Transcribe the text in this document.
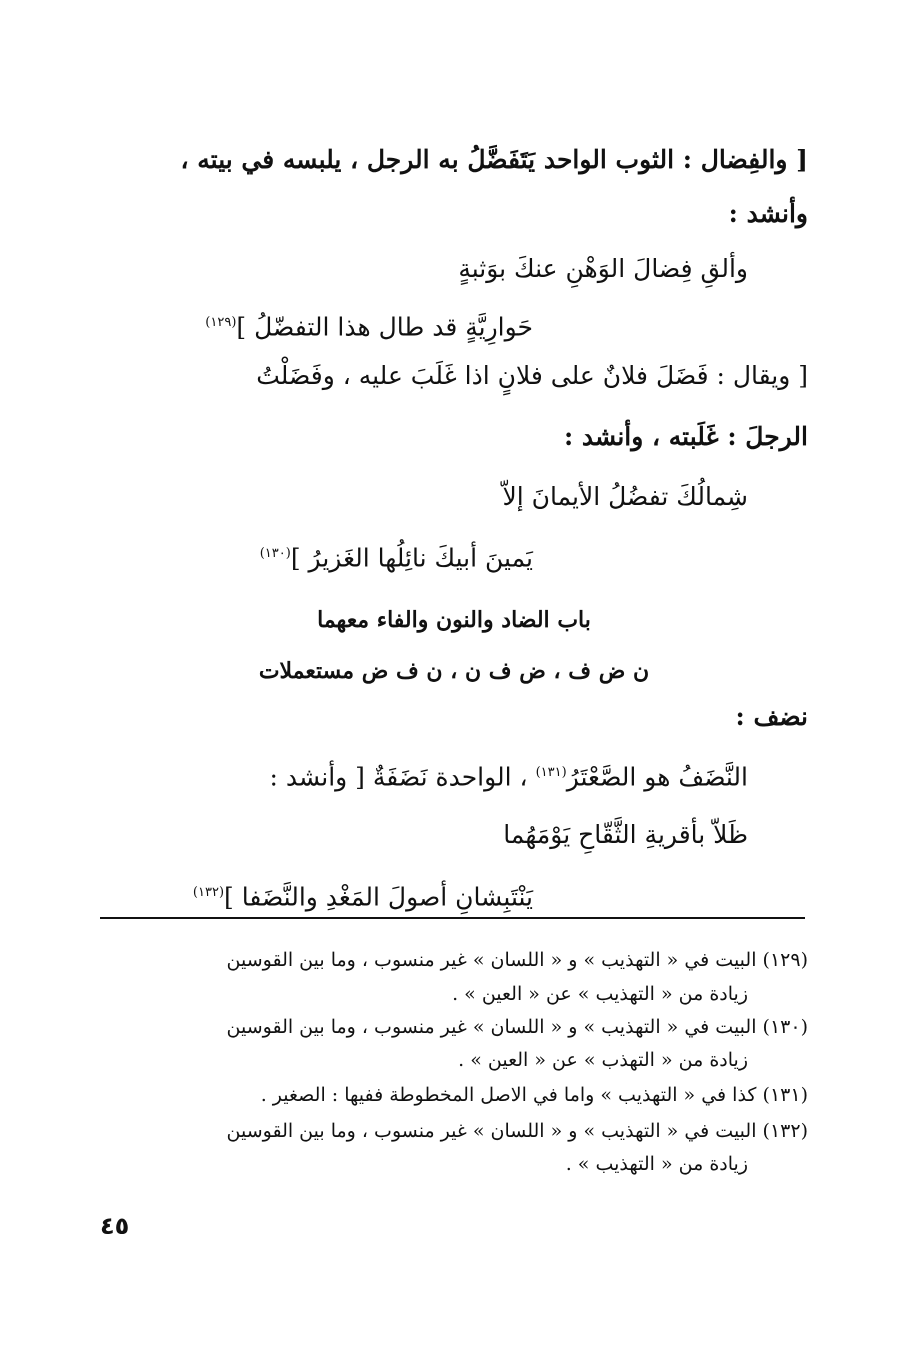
[ والفِضال : الثوب الواحد يَتَفَضَّلُ به الرجل ، يلبسه في بيته ،
وأنشد :
وألقِ فِضالَ الوَهْنِ عنكَ بوَثبةٍ
حَوارِيَّةٍ قد طال هذا التفضّلُ ]$^{(١٢٩)}$
[ ويقال : فَضَلَ فلانٌ على فلانٍ اذا غَلَبَ عليه ، وفَضَلْتُ
الرجلَ : غَلَبته ، وأنشد :
شِمالُكَ تفضُلُ الأيمانَ إلاّ
يَمينَ أبيكَ نائِلُها الغَزيرُ ]$^{(١٣٠)}$
باب الضاد والنون والفاء معهما
ن ض ف ، ض ف ن ، ن ف ض مستعملات
نضف :
النَّضَفُ هو الصَّعْتَرُ$^{(١٣١)}$ ، الواحدة نَضَفَةٌ [ وأنشد :
ظَلاّ بأقريةِ الثَّقّاحِ يَوْمَهُما
يَنْتَبِشانِ أصولَ المَغْدِ والنَّضَفا ]$^{(١٣٢)}$
(١٢٩) البيت في « التهذيب » و « اللسان » غير منسوب ، وما بين القوسين
زيادة من « التهذيب » عن « العين » .
(١٣٠) البيت في « التهذيب » و « اللسان » غير منسوب ، وما بين القوسين
زيادة من « التهذب » عن « العين » .
(١٣١) كذا في « التهذيب » واما في الاصل المخطوطة ففيها : الصغير .
(١٣٢) البيت في « التهذيب » و « اللسان » غير منسوب ، وما بين القوسين
زيادة من « التهذيب » .
٤٥
